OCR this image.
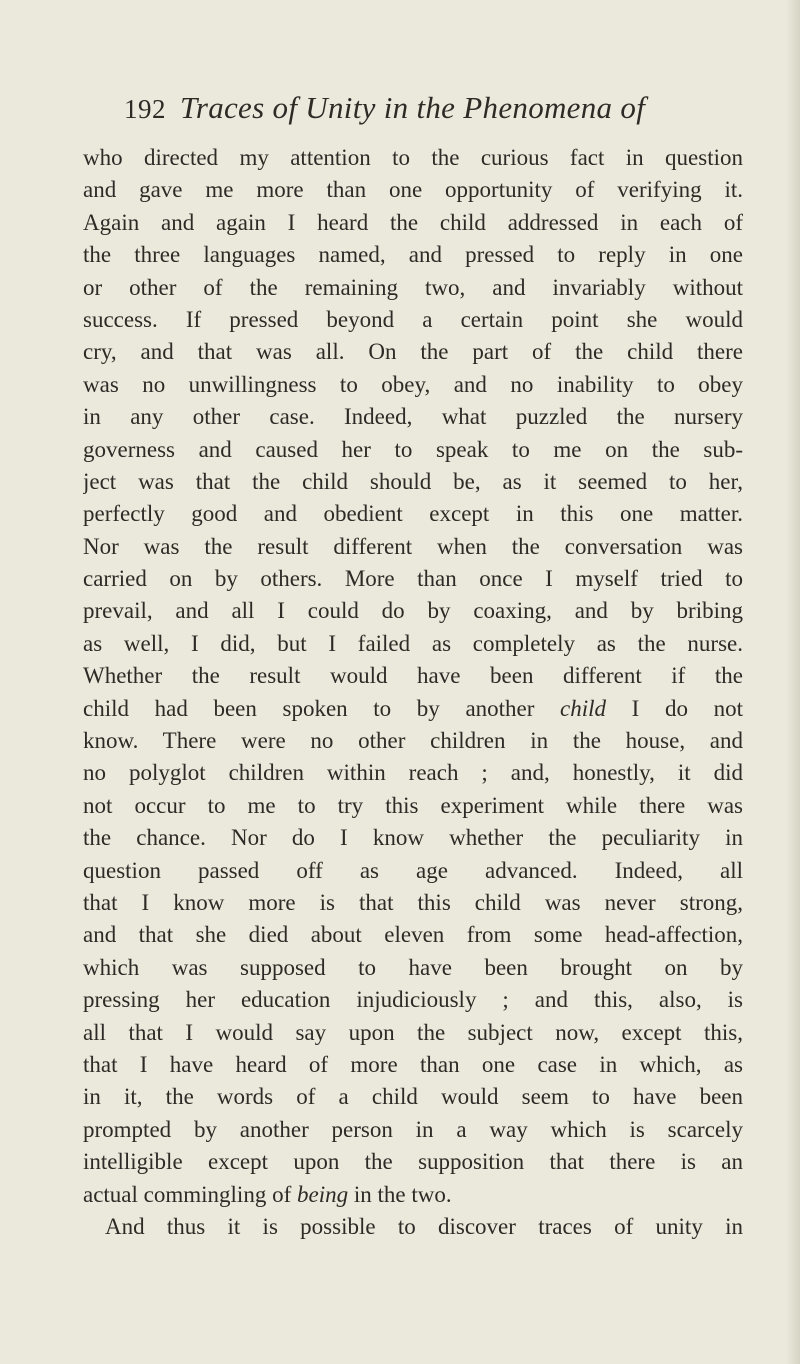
192 Traces of Unity in the Phenomena of
who directed my attention to the curious fact in question
and gave me more than one opportunity of verifying it.
Again and again I heard the child addressed in each of
the three languages named, and pressed to reply in one
or other of the remaining two, and invariably without
success. If pressed beyond a certain point she would
cry, and that was all. On the part of the child there
was no unwillingness to obey, and no inability to obey
in any other case. Indeed, what puzzled the nursery
governess and caused her to speak to me on the sub-
ject was that the child should be, as it seemed to her,
perfectly good and obedient except in this one matter.
Nor was the result different when the conversation was
carried on by others. More than once I myself tried to
prevail, and all I could do by coaxing, and by bribing
as well, I did, but I failed as completely as the nurse.
Whether the result would have been different if the
child had been spoken to by another child I do not
know. There were no other children in the house, and
no polyglot children within reach ; and, honestly, it did
not occur to me to try this experiment while there was
the chance. Nor do I know whether the peculiarity in
question passed off as age advanced. Indeed, all
that I know more is that this child was never strong,
and that she died about eleven from some head-affection,
which was supposed to have been brought on by
pressing her education injudiciously ; and this, also, is
all that I would say upon the subject now, except this,
that I have heard of more than one case in which, as
in it, the words of a child would seem to have been
prompted by another person in a way which is scarcely
intelligible except upon the supposition that there is an
actual commingling of being in the two.
And thus it is possible to discover traces of unity in
